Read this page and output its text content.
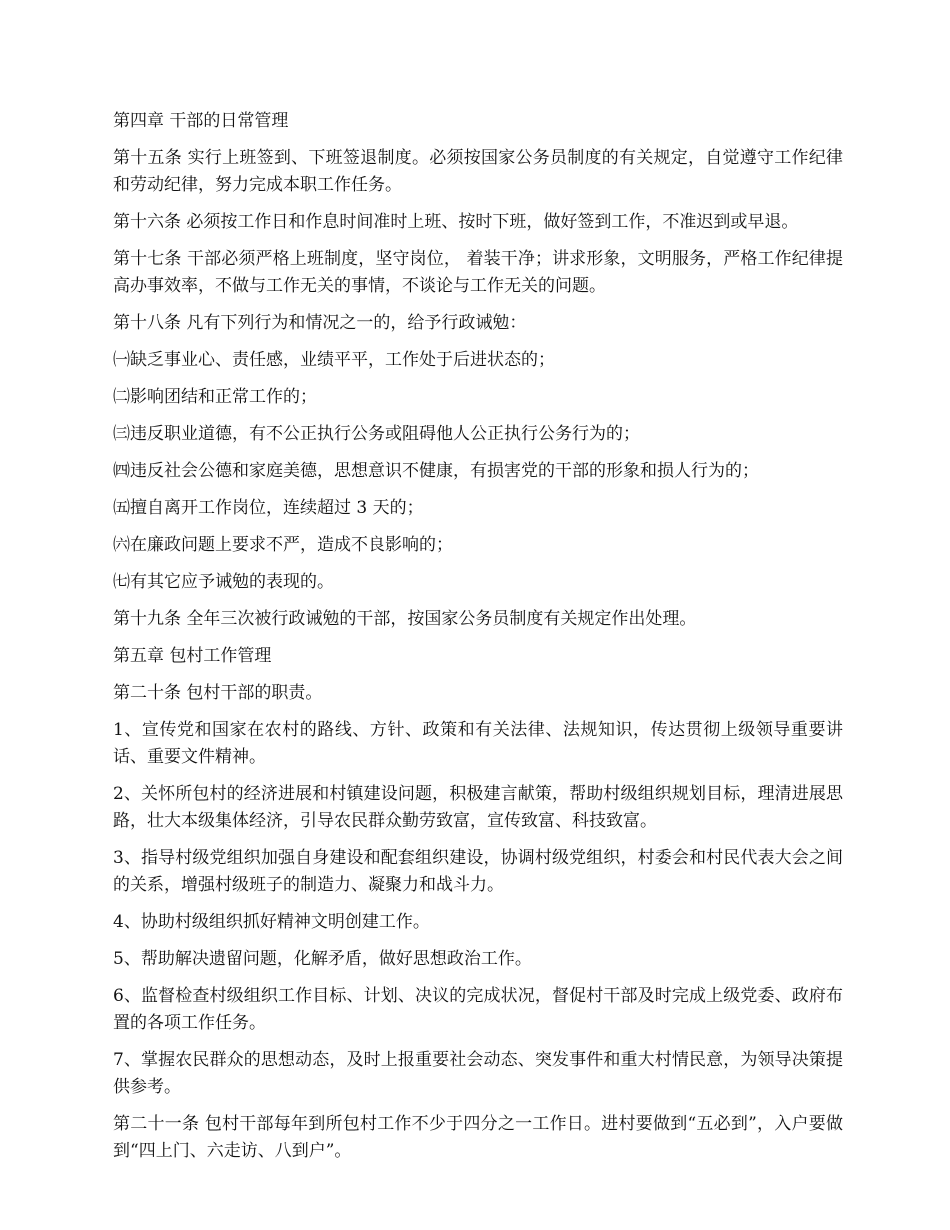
第四章 干部的日常管理

第十五条 实行上班签到、下班签退制度。必须按国家公务员制度的有关规定，自觉遵守工作纪律和劳动纪律，努力完成本职工作任务。

第十六条 必须按工作日和作息时间准时上班、按时下班，做好签到工作，不准迟到或早退。

第十七条 干部必须严格上班制度，坚守岗位， 着装干净；讲求形象，文明服务，严格工作纪律提高办事效率，不做与工作无关的事情，不谈论与工作无关的问题。

第十八条 凡有下列行为和情况之一的，给予行政诫勉：

㈠缺乏事业心、责任感，业绩平平，工作处于后进状态的；

㈡影响团结和正常工作的；

㈢违反职业道德，有不公正执行公务或阻碍他人公正执行公务行为的；

㈣违反社会公德和家庭美德，思想意识不健康，有损害党的干部的形象和损人行为的；

㈤擅自离开工作岗位，连续超过 3 天的；

㈥在廉政问题上要求不严，造成不良影响的；

㈦有其它应予诫勉的表现的。

第十九条 全年三次被行政诫勉的干部，按国家公务员制度有关规定作出处理。

第五章 包村工作管理

第二十条 包村干部的职责。

1、宣传党和国家在农村的路线、方针、政策和有关法律、法规知识，传达贯彻上级领导重要讲话、重要文件精神。

2、关怀所包村的经济进展和村镇建设问题，积极建言献策，帮助村级组织规划目标，理清进展思路，壮大本级集体经济，引导农民群众勤劳致富，宣传致富、科技致富。

3、指导村级党组织加强自身建设和配套组织建设，协调村级党组织，村委会和村民代表大会之间的关系，增强村级班子的制造力、凝聚力和战斗力。

4、协助村级组织抓好精神文明创建工作。

5、帮助解决遗留问题，化解矛盾，做好思想政治工作。

6、监督检查村级组织工作目标、计划、决议的完成状况，督促村干部及时完成上级党委、政府布置的各项工作任务。

7、掌握农民群众的思想动态，及时上报重要社会动态、突发事件和重大村情民意，为领导决策提供参考。

第二十一条 包村干部每年到所包村工作不少于四分之一工作日。进村要做到“五必到”，入户要做到“四上门、六走访、八到户”。
